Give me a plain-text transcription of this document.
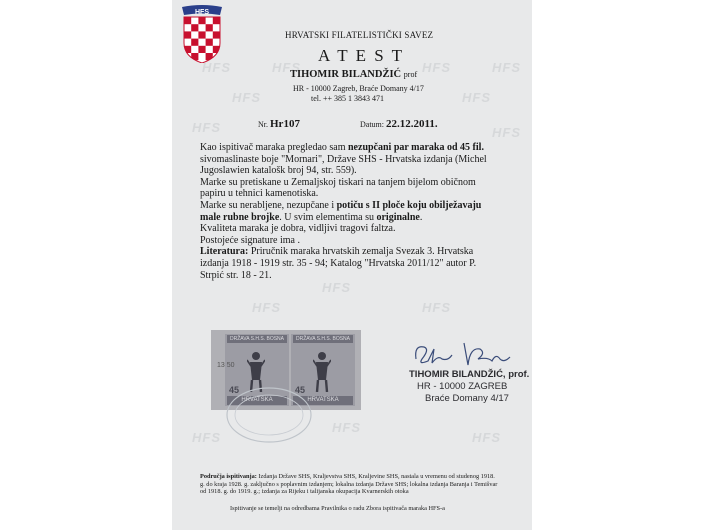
HFS	HFS	HFS	HFS
HFS	HFS
HFS	HFS
HFS
HFS	HFS
HFS
HFS
HFS
HFS
HRVATSKI FILATELISTIČKI SAVEZ
A T E S T
TIHOMIR BILANDŽIĆ prof
HR - 10000 Zagreb, Braće Domany 4/17
tel. ++ 385 1 3843 471
Nr. Hr107	Datum: 22.12.2011.
Kao ispitivač maraka pregledao sam nezupčani par maraka od 45 fil. sivomaslinaste boje "Mornari", Države SHS - Hrvatska izdanja (Michel Jugoslawien katalošk broj 94, str. 559).
Marke su pretiskane u Zemaljskoj tiskari na tanjem bijelom običnom papiru u tehnici kamenotiska.
Marke su nerabljene, nezupčane i potiču s II ploče koju obilježavaju male rubne brojke. U svim elementima su originalne.
Kvaliteta maraka je dobra, vidljivi tragovi faltza.
Postojeće signature ima .
Literatura: Priručnik maraka hrvatskih zemalja Svezak 3. Hrvatska izdanja 1918 - 1919 str. 35 - 94; Katalog "Hrvatska 2011/12" autor P. Strpić str. 18 - 21.
DRŽAVA S.H.S. BOSNA
45
HRVATSKA
DRŽAVA S.H.S. BOSNA
45
HRVATSKA
13 50
TIHOMIR BILANDŽIĆ, prof.
HR - 10000 ZAGREB
Braće Domany 4/17
Područja ispitivanja: Izdanja Države SHS, Kraljevstva SHS, Kraljevine SHS, nastala u vremenu od studenog 1918. g. do kraja 1928. g. zaključno s poplavnim izdanjem; lokalna izdanja Države SHS; lokalna izdanja Baranja i Temišvar od 1918. g. do 1919. g.; izdanja za Rijeku i talijanska okupacija Kvarnerskih otoka
Ispitivanje se temelji na odredbama Pravilnika o radu Zbora ispitivača maraka HFS-a
